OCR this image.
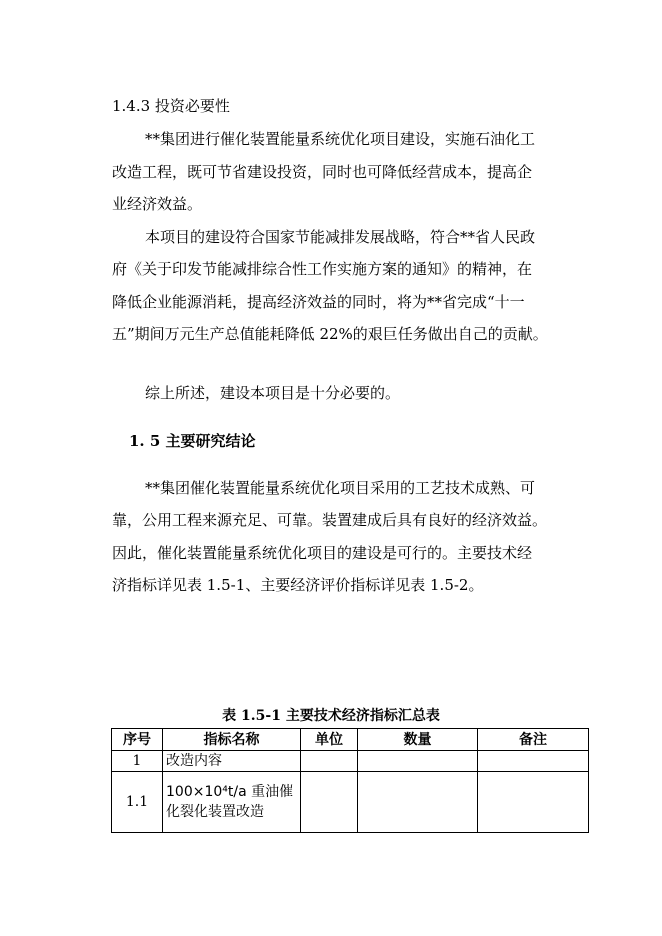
1.4.3 投资必要性
**集团进行催化装置能量系统优化项目建设，实施石油化工
改造工程，既可节省建设投资，同时也可降低经营成本，提高企
业经济效益。
本项目的建设符合国家节能减排发展战略，符合**省人民政
府《关于印发节能减排综合性工作实施方案的通知》的精神，在
降低企业能源消耗，提高经济效益的同时，将为**省完成“十一
五”期间万元生产总值能耗降低 22%的艰巨任务做出自己的贡献。
综上所述，建设本项目是十分必要的。
1. 5 主要研究结论
**集团催化装置能量系统优化项目采用的工艺技术成熟、可
靠，公用工程来源充足、可靠。装置建成后具有良好的经济效益。
因此，催化装置能量系统优化项目的建设是可行的。主要技术经
济指标详见表 1.5-1、主要经济评价指标详见表 1.5-2。
表 1.5-1 主要技术经济指标汇总表
序号	指标名称	单位	数量	备注
1	改造内容			
1.1	100×10⁴t/a 重油催化裂化装置改造			
